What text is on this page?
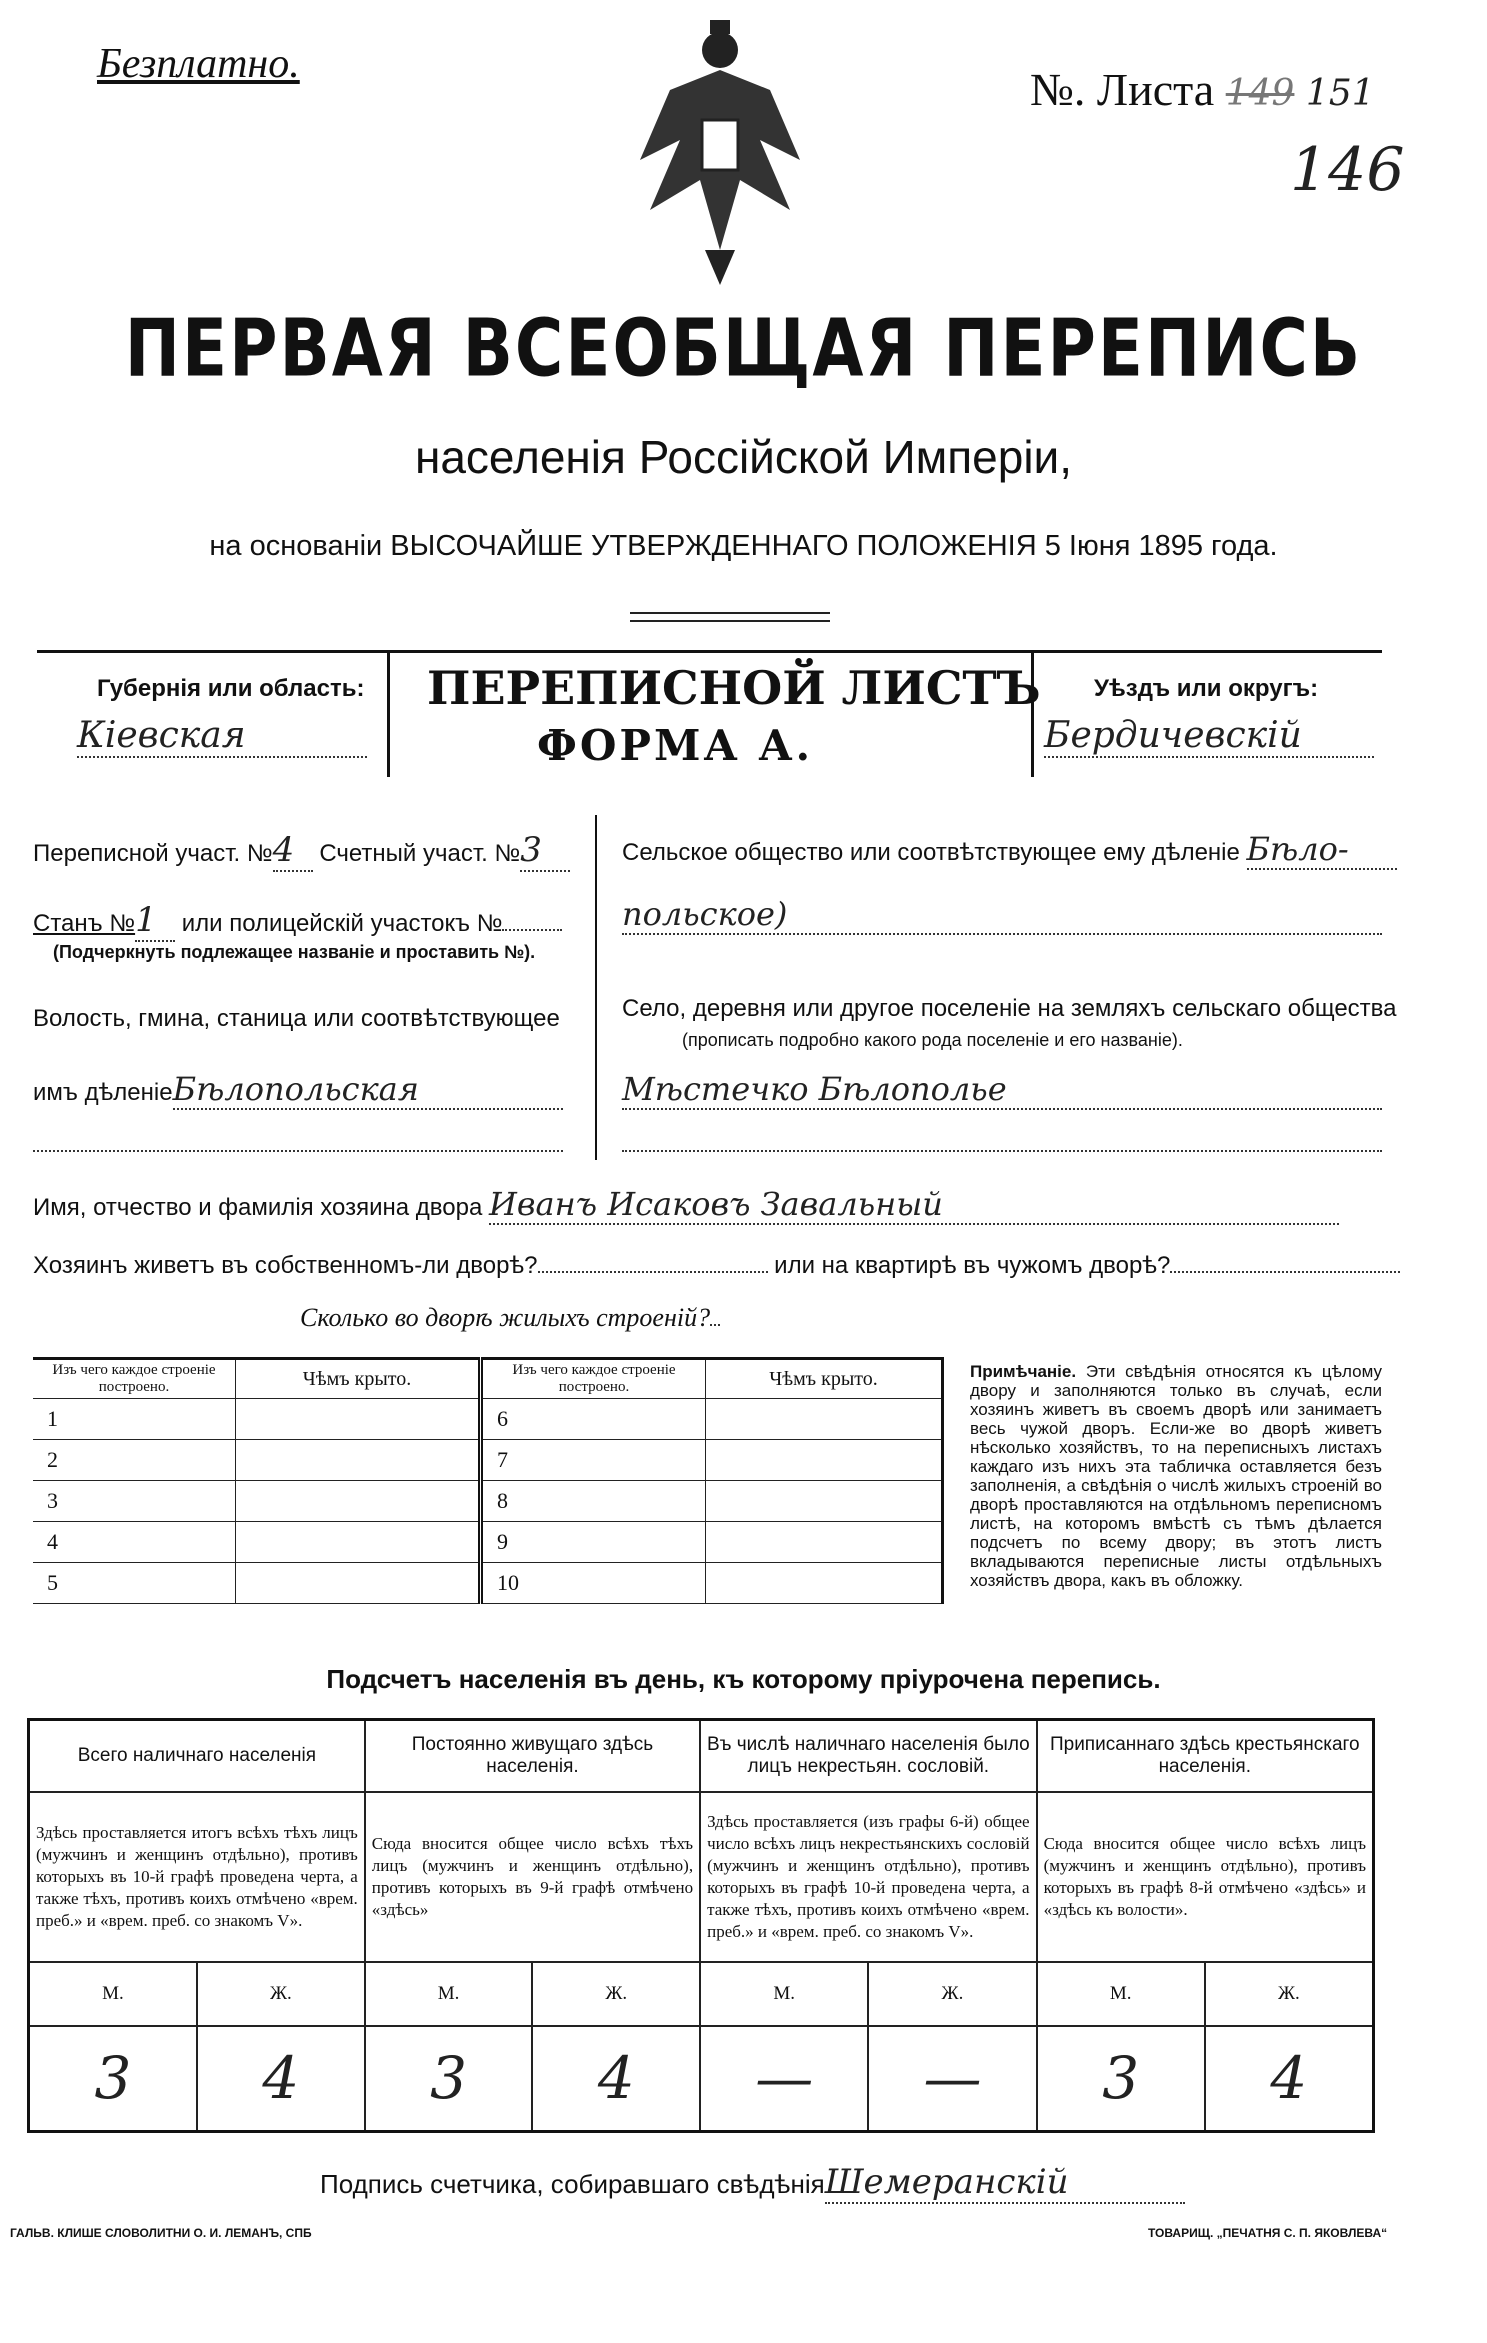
Безплатно.	№. Листа 149 151
146
ПЕРВАЯ ВСЕОБЩАЯ ПЕРЕПИСЬ
населенія Россійской Имперіи,
на основаніи ВЫСОЧАЙШЕ УТВЕРЖДЕННАГО ПОЛОЖЕНІЯ 5 Іюня 1895 года.
Губернія или область:
Кіевская
ПЕРЕПИСНОЙ ЛИСТЪ
ФОРМА А.
Уѣздъ или округъ:
Бердичевскій
Переписной участ. №4 Счетный участ. №3
Станъ №1 или полицейскій участокъ №
(Подчеркнуть подлежащее названіе и проставить №).
Волость, гмина, станица или соотвѣтствующее
имъ дѣленіеБѣлопольская
Сельское общество или соотвѣтствующее ему дѣленіе Бѣло-
польское)
Село, деревня или другое поселеніе на земляхъ сельскаго общества
(прописать подробно какого рода поселеніе и его названіе).
Мѣстечко Бѣлополье
Имя, отчество и фамилія хозяина двора Иванъ Исаковъ Завальный
Хозяинъ живетъ въ собственномъ-ли дворѣ?	или на квартирѣ въ чужомъ дворѣ?
Сколько во дворѣ жилыхъ строеній?
Изъ чего каждое строеніе построено.	Чѣмъ крыто.	Изъ чего каждое строеніе построено.	Чѣмъ крыто.
1		6	
2		7	
3		8	
4		9	
5		10	
Примѣчаніе. Эти свѣдѣнія относятся къ цѣлому двору и заполняются только въ случаѣ, если хозяинъ живетъ въ своемъ дворѣ или занимаетъ весь чужой дворъ. Если-же во дворѣ живетъ нѣсколько хозяйствъ, то на переписныхъ листахъ каждаго изъ нихъ эта табличка оставляется безъ заполненія, а свѣдѣнія о числѣ жилыхъ строеній во дворѣ проставляются на отдѣльномъ переписномъ листѣ, на которомъ вмѣстѣ съ тѣмъ дѣлается подсчетъ по всему двору; въ этотъ листъ вкладываются переписные листы отдѣльныхъ хозяйствъ двора, какъ въ обложку.
Подсчетъ населенія въ день, къ которому пріурочена перепись.
Всего наличнаго населенія		Постоянно живущаго здѣсь населенія.		Въ числѣ наличнаго населенія было лицъ некрестьян. сословій.		Приписаннаго здѣсь крестьянскаго населенія.	
Здѣсь проставляется итогъ всѣхъ тѣхъ лицъ (мужчинъ и женщинъ отдѣльно), противъ которыхъ въ 10-й графѣ проведена черта, а также тѣхъ, противъ коихъ отмѣчено «врем. преб.» и «врем. преб. со знакомъ V».		Сюда вносится общее число всѣхъ тѣхъ лицъ (мужчинъ и женщинъ отдѣльно), противъ которыхъ въ 9-й графѣ отмѣчено «здѣсь»		Здѣсь проставляется (изъ графы 6-й) общее число всѣхъ лицъ некрестьянскихъ сословій (мужчинъ и женщинъ отдѣльно), противъ которыхъ въ графѣ 10-й проведена черта, а также тѣхъ, противъ коихъ отмѣчено «врем. преб.» и «врем. преб. со знакомъ V».		Сюда вносится общее число всѣхъ лицъ (мужчинъ и женщинъ отдѣльно), противъ которыхъ въ графѣ 8-й отмѣчено «здѣсь» и «здѣсь къ волости».	
М.	Ж.	М.	Ж.	М.	Ж.	М.	Ж.
3	4	3	4	—	—	3	4
Подпись счетчика, собиравшаго свѣдѣніяШемеранскій
ГАЛЬВ. КЛИШЕ СЛОВОЛИТНИ О. И. ЛЕМАНЪ, СПБ	ТОВАРИЩ. „ПЕЧАТНЯ С. П. ЯКОВЛЕВА“
